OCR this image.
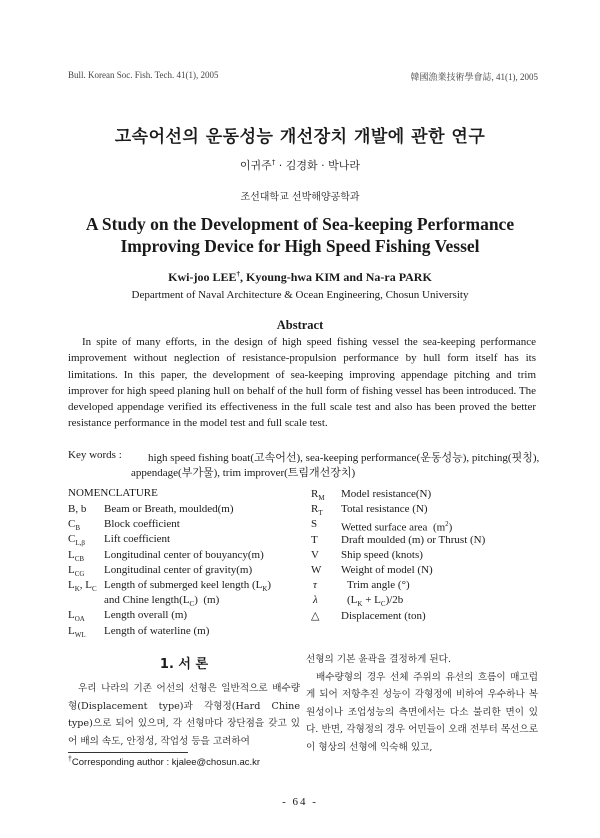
Bull. Korean Soc. Fish. Tech. 41(1), 2005	韓國漁業技術學會誌, 41(1), 2005
고속어선의 운동성능 개선장치 개발에 관한 연구
이귀주† · 김경화 · 박나라
조선대학교 선박해양공학과
A Study on the Development of Sea-keeping Performance
Improving Device for High Speed Fishing Vessel
Kwi-joo LEE†, Kyoung-hwa KIM and Na-ra PARK
Department of Naval Architecture & Ocean Engineering, Chosun University
Abstract
In spite of many efforts, in the design of high speed fishing vessel the sea-keeping performance improvement without neglection of resistance-propulsion performance by hull form itself has its limitations. In this paper, the development of sea-keeping improving appendage pitching and trim improver for high speed planing hull on behalf of the hull form of fishing vessel has been introduced. The developed appendage verified its effectiveness in the full scale test and also has been proved the better resistance performance in the model test and full scale test.
Key words : high speed fishing boat(고속어선), sea-keeping performance(운동성능), pitching(핏칭),
appendage(부가물), trim improver(트림개선장치)
NOMENCLATURE
B, b Beam or Breath, moulded(m)
$C_B$ Block coefficient
$C_{L,\beta}$ Lift coefficient
$L_{CB}$ Longitudinal center of bouyancy(m)
$L_{CG}$ Longitudinal center of gravity(m)
$L_K$, $L_C$ Length of submerged keel length $(L_K)$
and Chine $length(L_C)$  (m)
$L_{OA}$ Length overall (m)
$L_{WL}$ Length of waterline (m)
$R_M$ Model resistance(N)
$R_T$ Total resistance (N)
S Wetted surface area  $(m^2)$
T Draft moulded (m) or Thrust (N)
V Ship speed (knots)
W Weight of model (N)
τ	Trim angle (°)
λ	$(L_K + L_C)/2b$
△ Displacement (ton)
1. 서 론
우리 나라의 기존 어선의 선형은 일반적으로 배수량형(Displacement type)과 각형정(Hard Chine type)으로 되어 있으며, 각 선형마다 장단점을 갖고 있어 배의 속도, 안정성, 작업성 등을 고려하여
선형의 기본 윤곽을 결정하게 된다.
배수량형의 경우 선체 주위의 유선의 흐름이 매고럽게 되어 저항추진 성능이 각형정에 비하여 우수하나 복원성이나 조업성능의 측면에서는 다소 불리한 면이 있다. 반면, 각형정의 경우 어민들이 오래 전부터 목선으로 이 형상의 선형에 익숙해 있고,
†Corresponding author : kjalee@chosun.ac.kr
- 64 -
